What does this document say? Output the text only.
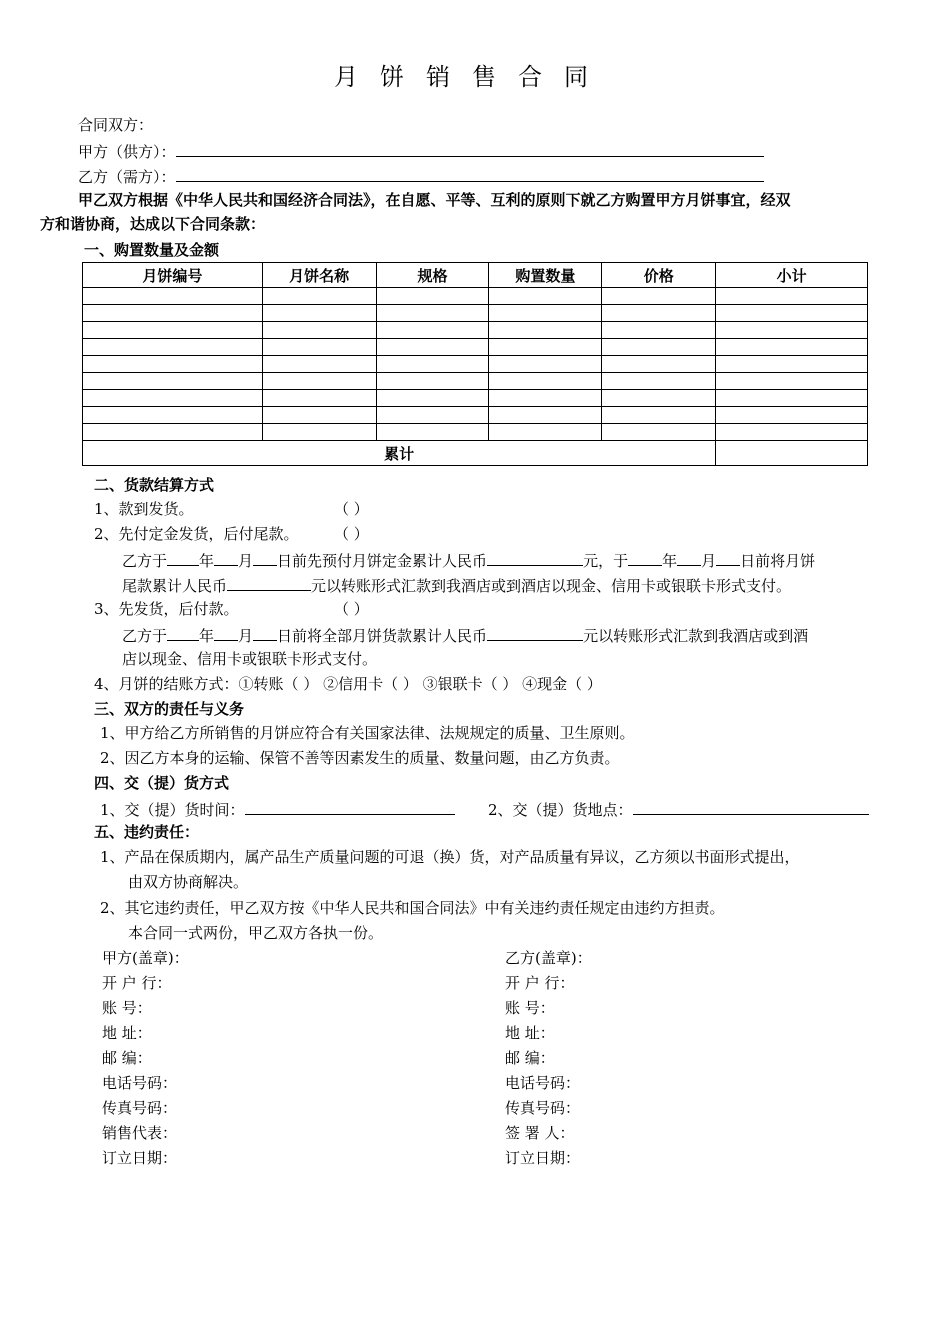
月饼销售合同
合同双方：
甲方（供方）：
乙方（需方）：
甲乙双方根据《中华人民共和国经济合同法》，在自愿、平等、互利的原则下就乙方购置甲方月饼事宜，经双
方和谐协商，达成以下合同条款：
一、购置数量及金额
月饼编号	月饼名称	规格	购置数量	价格	小计

累计					
二、货款结算方式
1、款到发货。	（ ）
2、先付定金发货，后付尾款。 （ ）
乙方于 年 月 日前先预付月饼定金累计人民币	元，于 年 月 日前将月饼
尾款累计人民币	元以转账形式汇款到我酒店或到酒店以现金、信用卡或银联卡形式支付。
3、先发货，后付款。	（ ）
乙方于 年 月 日前将全部月饼货款累计人民币	元以转账形式汇款到我酒店或到酒
店以现金、信用卡或银联卡形式支付。
4、月饼的结账方式：①转账（ ） ②信用卡（ ） ③银联卡（ ） ④现金（ ）
三、双方的责任与义务
1、甲方给乙方所销售的月饼应符合有关国家法律、法规规定的质量、卫生原则。
2、因乙方本身的运输、保管不善等因素发生的质量、数量问题，由乙方负责。
四、交（提）货方式
1、交（提）货时间：	2、交（提）货地点：
五、违约责任：
1、产品在保质期内，属产品生产质量问题的可退（换）货，对产品质量有异议，乙方须以书面形式提出，
由双方协商解决。
2、其它违约责任，甲乙双方按《中华人民共和国合同法》中有关违约责任规定由违约方担责。
本合同一式两份，甲乙双方各执一份。
甲方(盖章)：
开 户 行：
账 号：
地 址：
邮 编：
电话号码：
传真号码：
销售代表：
订立日期：
乙方(盖章)：
开 户 行：
账 号：
地 址：
邮 编：
电话号码：
传真号码：
签 署 人：
订立日期：
